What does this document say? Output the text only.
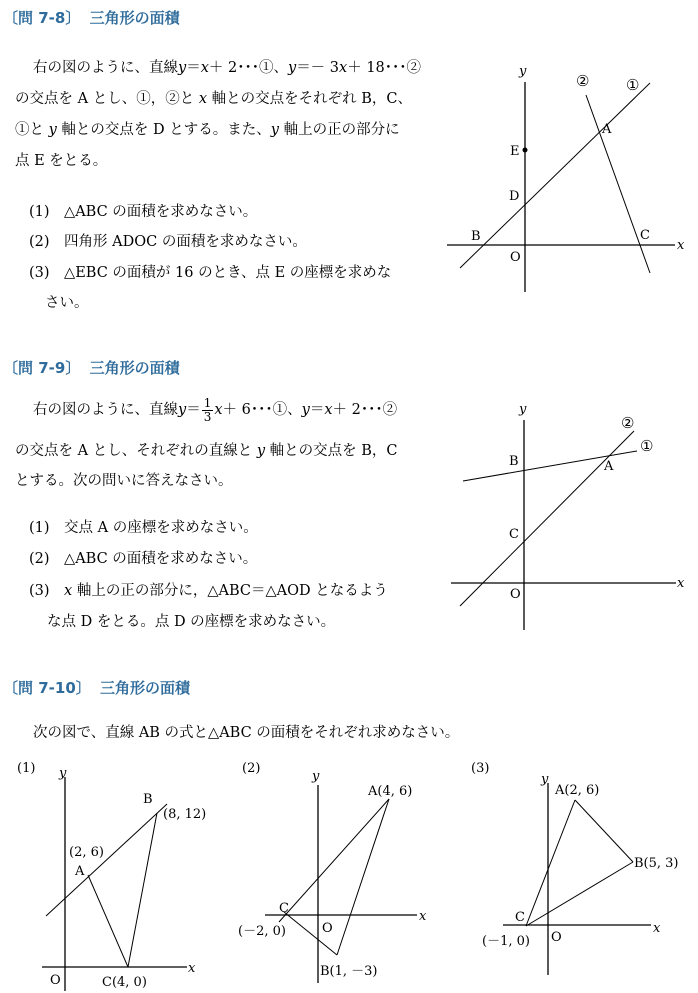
〔問 7-8〕 三角形の面積
右の図のように、直線y＝x＋ 2･･･①、y＝－ 3x＋ 18･･･②
の交点を A とし、①，②と x 軸との交点をそれぞれ B，C、
①と y 軸との交点を D とする。また、y 軸上の正の部分に
点 E をとる。
(1)　△ABC の面積を求めなさい。
(2)　四角形 ADOC の面積を求めなさい。
(3)　△EBC の面積が 16 のとき、点 E の座標を求めな
さい。
y
x
O
A
B	C
D
E
①
②
〔問 7-9〕 三角形の面積
右の図のように、直線$y= \frac{1}{3} x+ 6$･･･①、y＝x＋ 2･･･②
の交点を A とし、それぞれの直線と y 軸との交点を B，C
とする。次の問いに答えなさい。
(1)　交点 A の座標を求めなさい。
(2)　△ABC の面積を求めなさい。
(3)　x 軸上の正の部分に，△ABC＝△AOD となるよう
な点 D をとる。点 D の座標を求めなさい。
y
x
O
A
B
C
①
②
〔問 7-10〕 三角形の面積
次の図で、直線 AB の式と△ABC の面積をそれぞれ求めなさい。
(1) y
x
O
A
(2, 6)
B
(8, 12)
C(4, 0)
(2)
y
x
O
A(4, 6)
C
(－2, 0)
B(1, －3)
(3)
y
x
O
A(2, 6)
B(5, 3)
C
(－1, 0)
